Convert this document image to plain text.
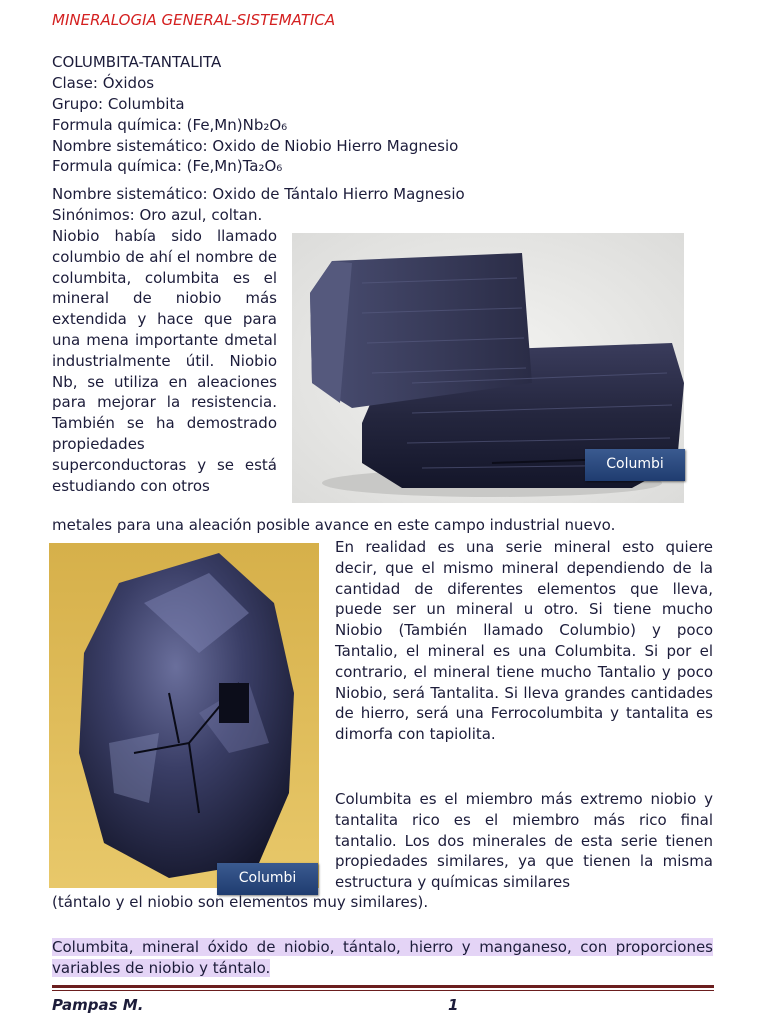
MINERALOGIA GENERAL-SISTEMATICA
COLUMBITA-TANTALITA
Clase: Óxidos
Grupo: Columbita
Formula química: (Fe,Mn)Nb₂O₆
Nombre sistemático: Oxido de Niobio Hierro Magnesio
Formula química: (Fe,Mn)Ta₂O₆
Nombre sistemático: Oxido de Tántalo Hierro Magnesio
Sinónimos: Oro azul, coltan.
Niobio había sido llamado columbio de ahí el nombre de columbita, columbita es el mineral de niobio más extendida y hace que para una mena importante dmetal industrialmente útil. Niobio Nb, se utiliza en aleaciones para mejorar la resistencia. También se ha demostrado propiedades superconductoras y se está estudiando con otros
metales para una aleación posible avance en este campo industrial nuevo.
Columbi
Columbi
En realidad es una serie mineral esto quiere decir, que el mismo mineral dependiendo de la cantidad de diferentes elementos que lleva, puede ser un mineral u otro. Si tiene mucho Niobio (También llamado Columbio) y poco Tantalio, el mineral es una Columbita. Si por el contrario, el mineral tiene mucho Tantalio y poco Niobio, será Tantalita. Si lleva grandes cantidades de hierro, será una Ferrocolumbita y tantalita es dimorfa con tapiolita.
Columbita es el miembro más extremo niobio y tantalita rico es el miembro más rico final tantalio. Los dos minerales de esta serie tienen propiedades similares, ya que tienen la misma estructura y químicas similares
(tántalo y el niobio son elementos muy similares).
Columbita, mineral óxido de niobio, tántalo, hierro y manganeso, con proporciones variables de niobio y tántalo.
Pampas M.	1
